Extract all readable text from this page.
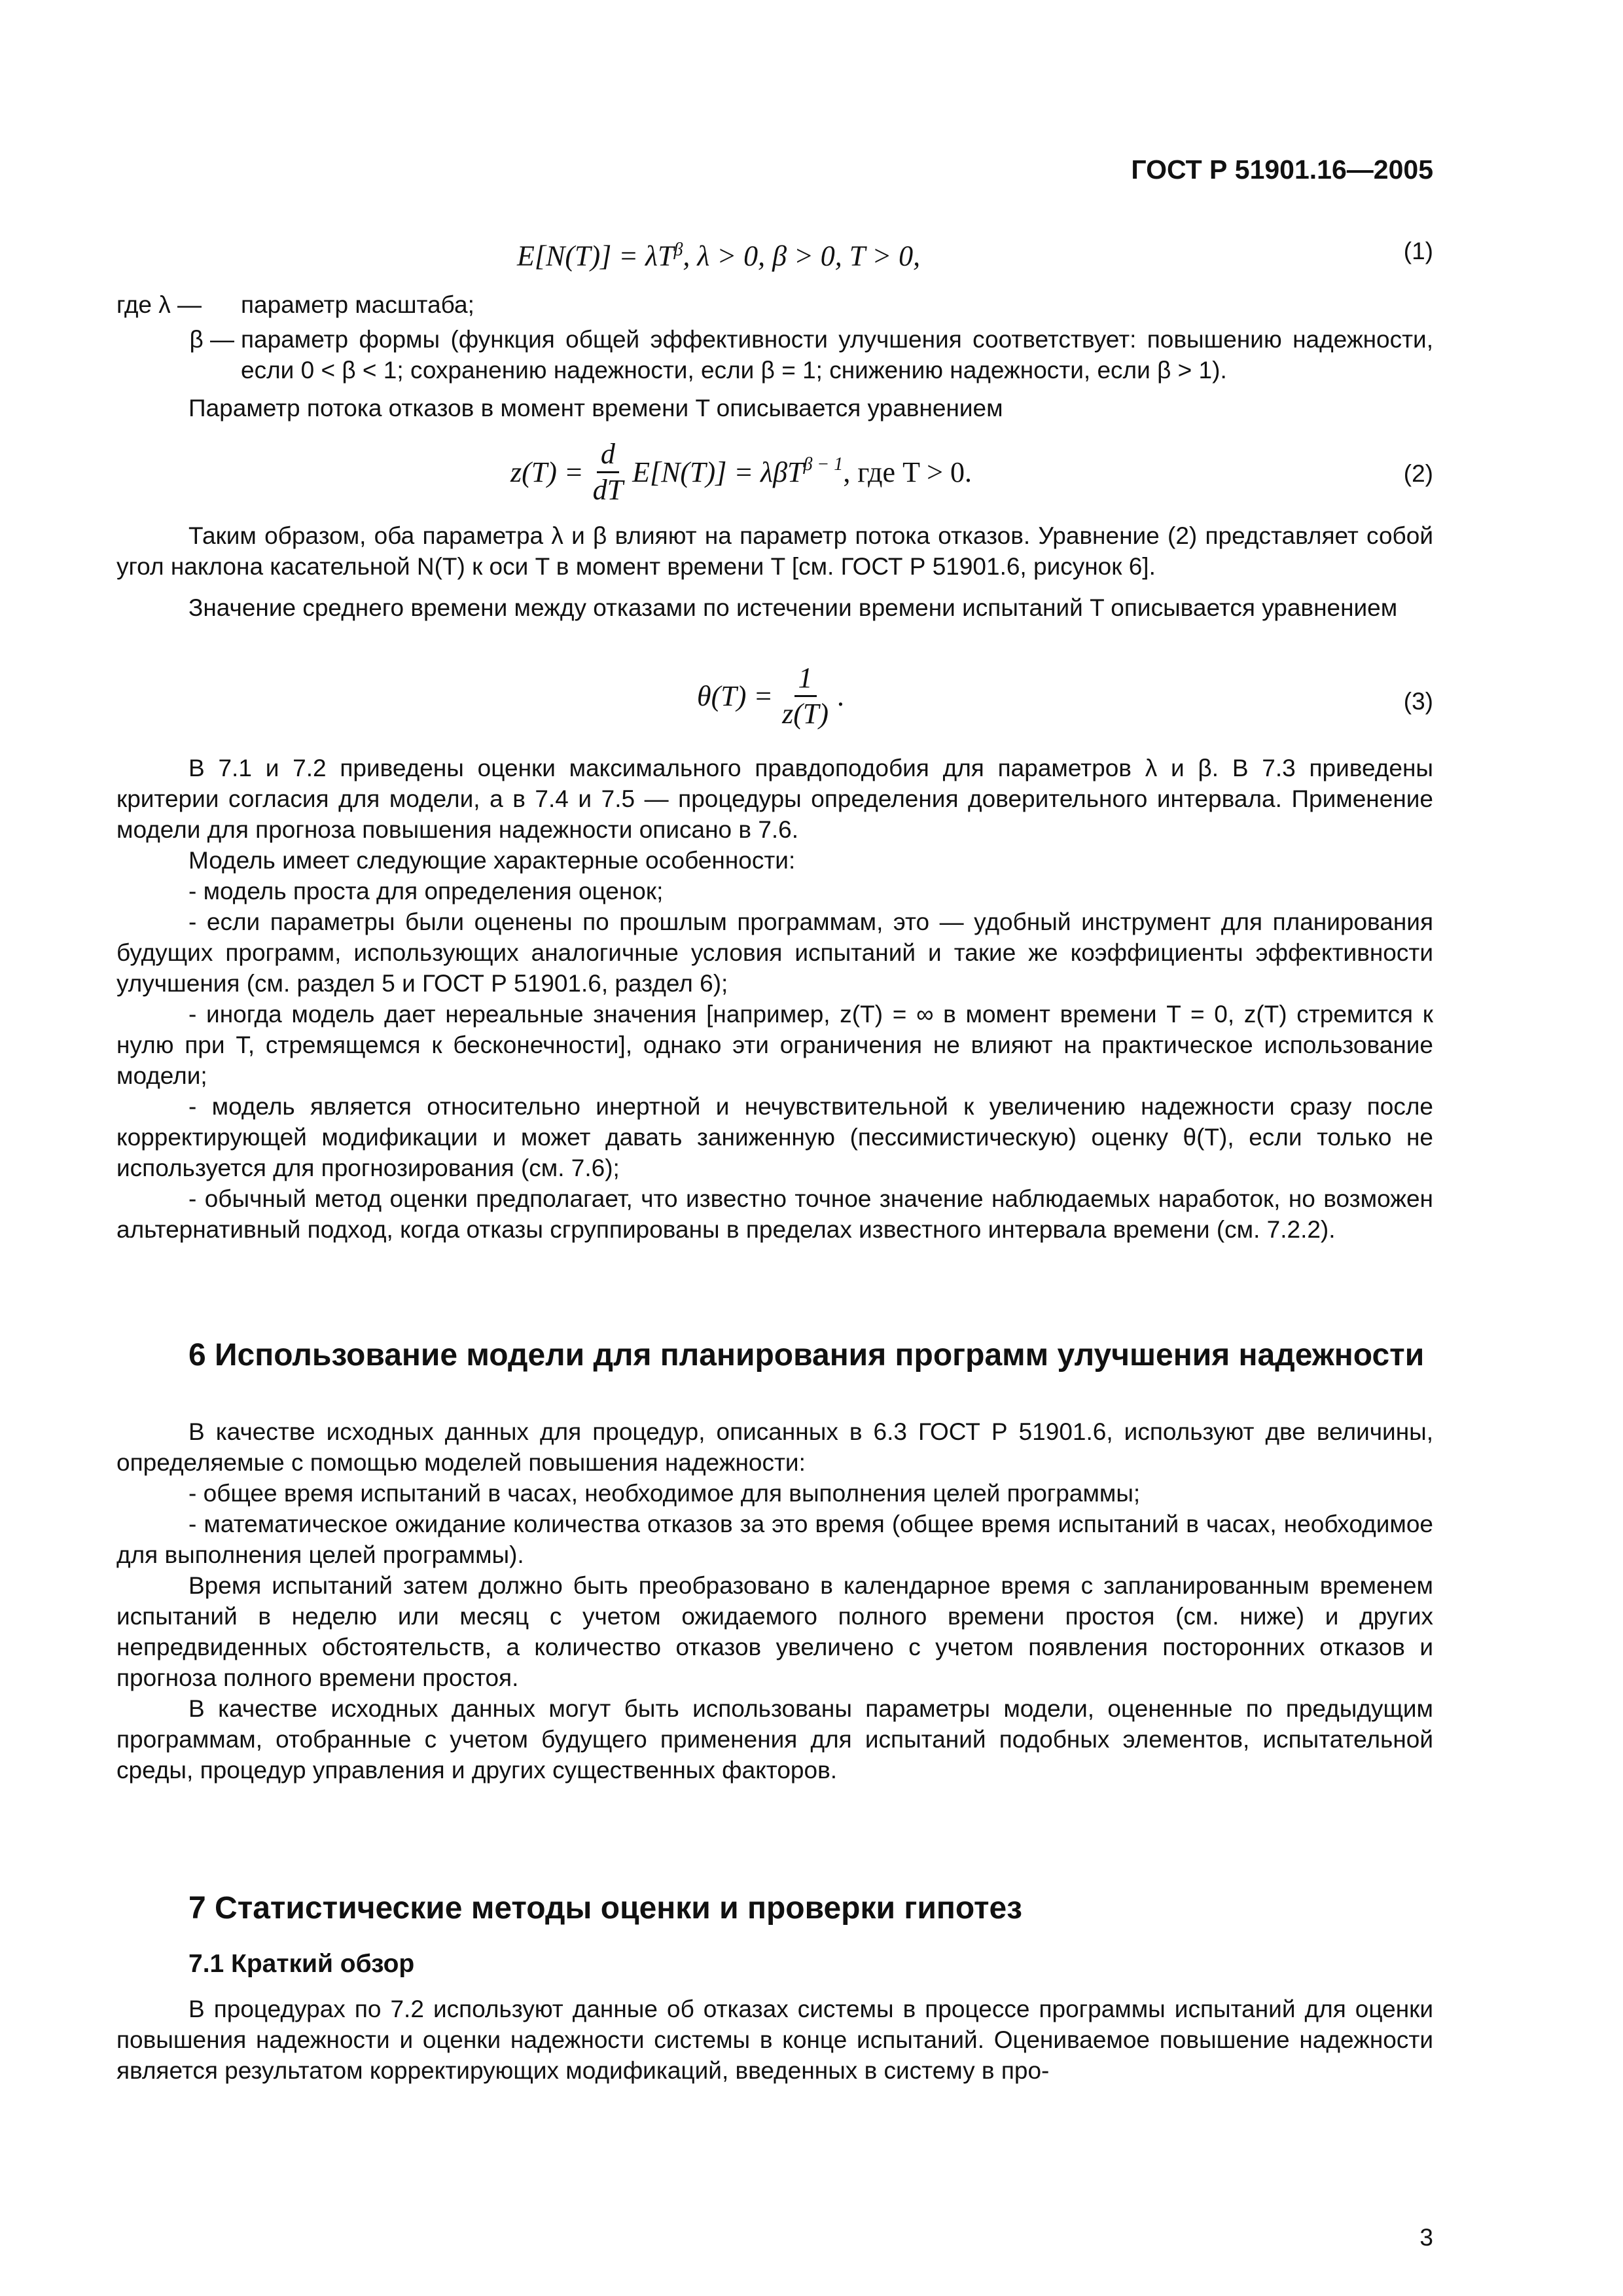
ГОСТ Р 51901.16—2005
$E[N(T)] = \lambda T^\beta$, λ > 0, β > 0, T > 0,	(1)
где λ —	параметр масштаба;
β — параметр формы (функция общей эффективности улучшения соответствует: повышению надежности, если 0 < β < 1; сохранению надежности, если β = 1; снижению надежности, если β > 1).

Параметр потока отказов в момент времени T описывается уравнением

$z(T) = \frac{d}{dT} E[N(T)] = \lambda\beta T^{\beta - 1}$ , где T > 0.	(2)

Таким образом, оба параметра λ и β влияют на параметр потока отказов. Уравнение (2) представляет собой угол наклона касательной N(T) к оси T в момент времени T [см. ГОСТ Р 51901.6, рисунок 6].

Значение среднего времени между отказами по истечении времени испытаний T описывается уравнением

$\theta(T) = \frac{1}{z(T)}$ .	(3)

В 7.1 и 7.2 приведены оценки максимального правдоподобия для параметров λ и β. В 7.3 приведены критерии согласия для модели, а в 7.4 и 7.5 — процедуры определения доверительного интервала. Применение модели для прогноза повышения надежности описано в 7.6.

Модель имеет следующие характерные особенности:

- модель проста для определения оценок;

- если параметры были оценены по прошлым программам, это — удобный инструмент для планирования будущих программ, использующих аналогичные условия испытаний и такие же коэффициенты эффективности улучшения (см. раздел 5 и ГОСТ Р 51901.6, раздел 6);

- иногда модель дает нереальные значения [например, z(T) = ∞ в момент времени T = 0, z(T) стремится к нулю при T, стремящемся к бесконечности], однако эти ограничения не влияют на практическое использование модели;

- модель является относительно инертной и нечувствительной к увеличению надежности сразу после корректирующей модификации и может давать заниженную (пессимистическую) оценку θ(T), если только не используется для прогнозирования (см. 7.6);

- обычный метод оценки предполагает, что известно точное значение наблюдаемых наработок, но возможен альтернативный подход, когда отказы сгруппированы в пределах известного интервала времени (см. 7.2.2).

6 Использование модели для планирования программ улучшения надежности

В качестве исходных данных для процедур, описанных в 6.3 ГОСТ Р 51901.6, используют две величины, определяемые с помощью моделей повышения надежности:

- общее время испытаний в часах, необходимое для выполнения целей программы;

- математическое ожидание количества отказов за это время (общее время испытаний в часах, необходимое для выполнения целей программы).

Время испытаний затем должно быть преобразовано в календарное время с запланированным временем испытаний в неделю или месяц с учетом ожидаемого полного времени простоя (см. ниже) и других непредвиденных обстоятельств, а количество отказов увеличено с учетом появления посторонних отказов и прогноза полного времени простоя.

В качестве исходных данных могут быть использованы параметры модели, оцененные по предыдущим программам, отобранные с учетом будущего применения для испытаний подобных элементов, испытательной среды, процедур управления и других существенных факторов.

7 Статистические методы оценки и проверки гипотез
7.1 Краткий обзор

В процедурах по 7.2 используют данные об отказах системы в процессе программы испытаний для оценки повышения надежности и оценки надежности системы в конце испытаний. Оцениваемое повышение надежности является результатом корректирующих модификаций, введенных в систему в про-

3
